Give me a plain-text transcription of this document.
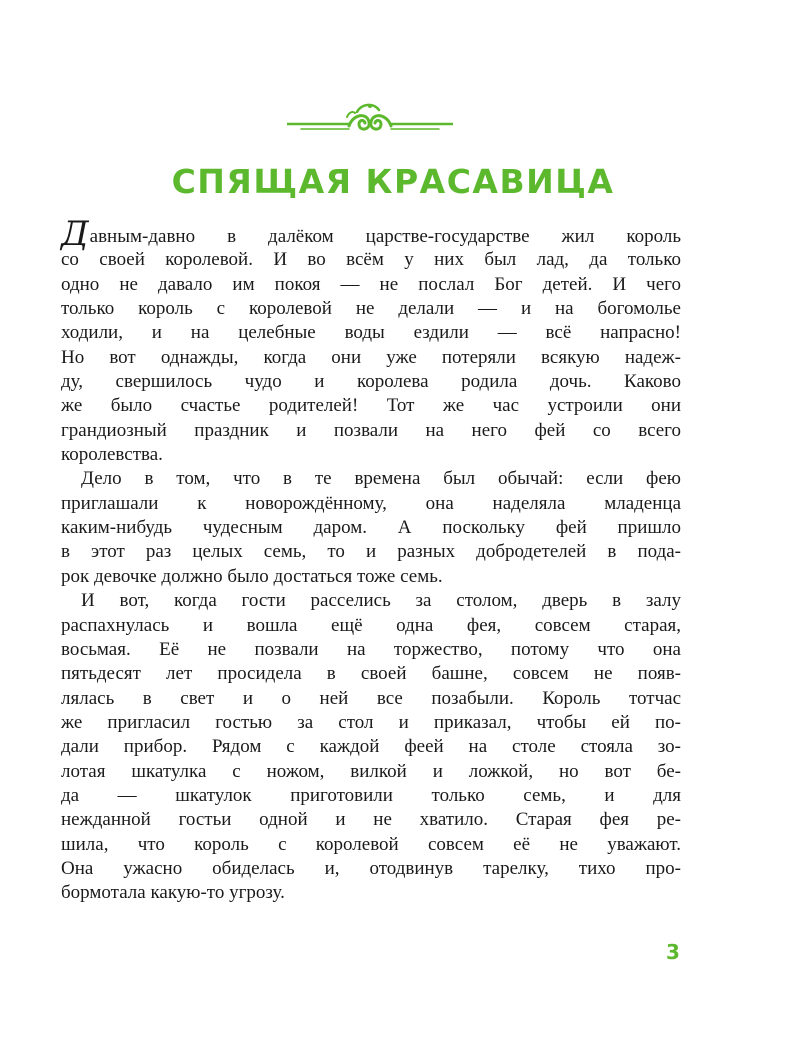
СПЯЩАЯ КРАСАВИЦА
Давным-давно в далёком царстве-государстве жил король
со своей королевой. И во всём у них был лад, да только
одно не давало им покоя — не послал Бог детей. И чего
только король с королевой не делали — и на богомолье
ходили, и на целебные воды ездили — всё напрасно!
Но вот однажды, когда они уже потеряли всякую надеж-
ду, свершилось чудо и королева родила дочь. Каково
же было счастье родителей! Тот же час устроили они
грандиозный праздник и позвали на него фей со всего
королевства.
Дело в том, что в те времена был обычай: если фею
приглашали к новорождённому, она наделяла младенца
каким-нибудь чудесным даром. А поскольку фей пришло
в этот раз целых семь, то и разных добродетелей в пода-
рок девочке должно было достаться тоже семь.
И вот, когда гости расселись за столом, дверь в залу
распахнулась и вошла ещё одна фея, совсем старая,
восьмая. Её не позвали на торжество, потому что она
пятьдесят лет просидела в своей башне, совсем не появ-
лялась в свет и о ней все позабыли. Король тотчас
же пригласил гостью за стол и приказал, чтобы ей по-
дали прибор. Рядом с каждой феей на столе стояла зо-
лотая шкатулка с ножом, вилкой и ложкой, но вот бе-
да — шкатулок приготовили только семь, и для
нежданной гостьи одной и не хватило. Старая фея ре-
шила, что король с королевой совсем её не уважают.
Она ужасно обиделась и, отодвинув тарелку, тихо про-
бормотала какую-то угрозу.
3
